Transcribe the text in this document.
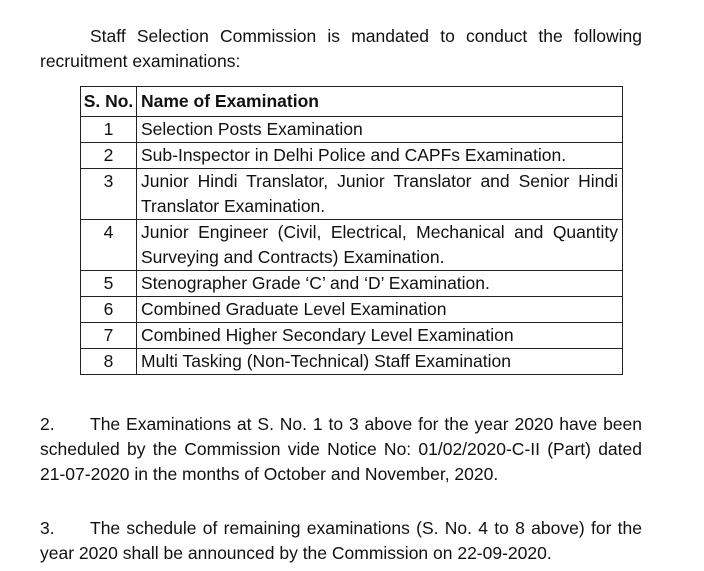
Staff Selection Commission is mandated to conduct the following recruitment examinations:

S. No.	Name of Examination
1	Selection Posts Examination
2	Sub-Inspector in Delhi Police and CAPFs Examination.
3	Junior Hindi Translator, Junior Translator and Senior Hindi Translator Examination.
4	Junior Engineer (Civil, Electrical, Mechanical and Quantity Surveying and Contracts) Examination.
5	Stenographer Grade ‘C’ and ‘D’ Examination.
6	Combined Graduate Level Examination
7	Combined Higher Secondary Level Examination
8	Multi Tasking (Non-Technical) Staff Examination

2. The Examinations at S. No. 1 to 3 above for the year 2020 have been scheduled by the Commission vide Notice No: 01/02/2020-C-II (Part) dated 21-07-2020 in the months of October and November, 2020.

3. The schedule of remaining examinations (S. No. 4 to 8 above) for the year 2020 shall be announced by the Commission on 22-09-2020.
